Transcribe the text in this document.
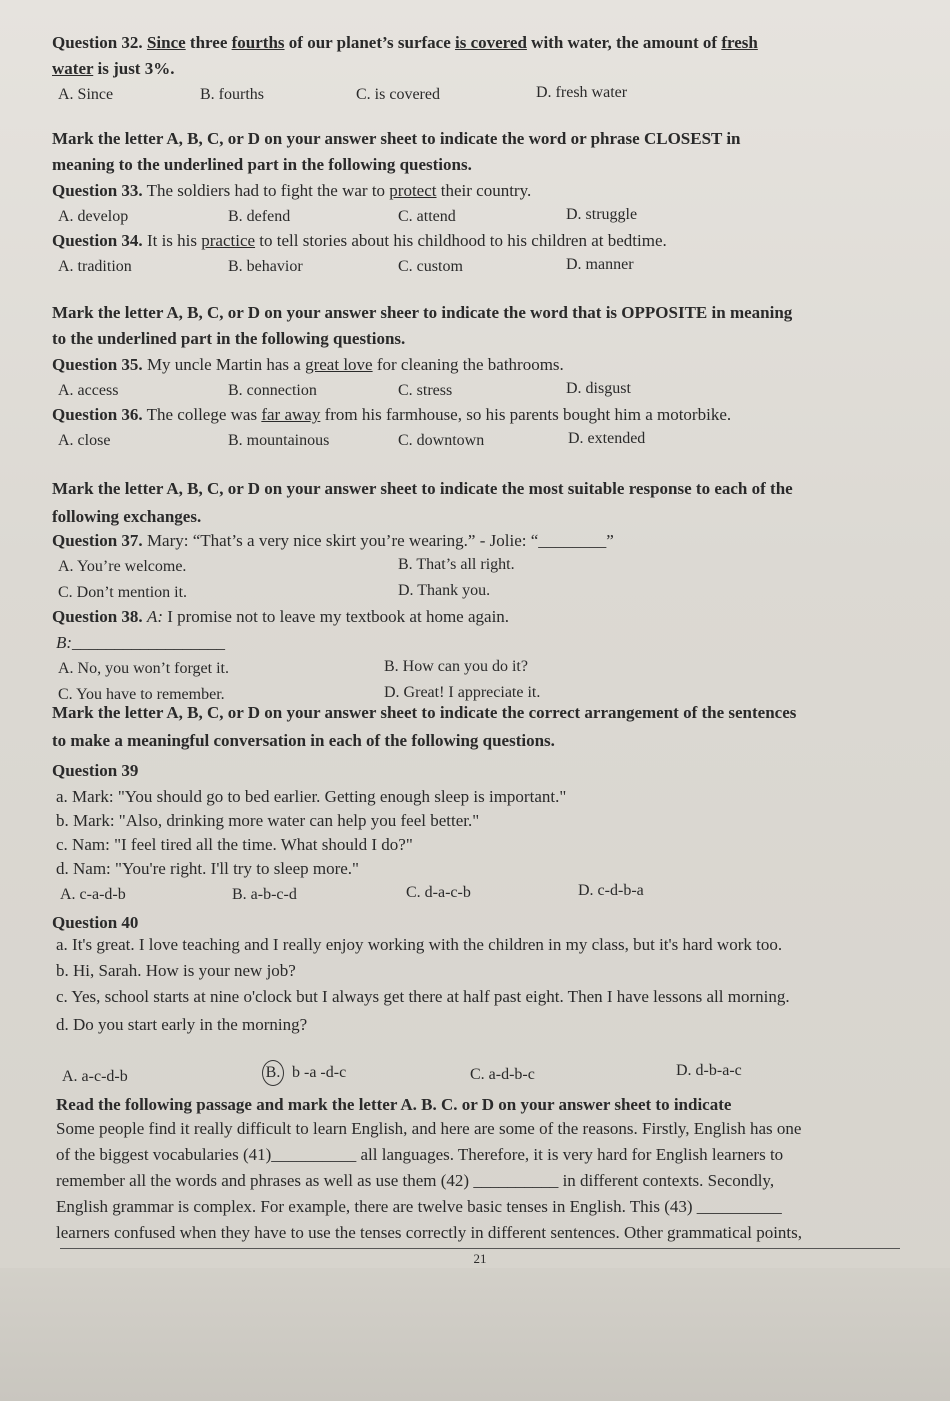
Question 32. Since three fourths of our planet’s surface is covered with water, the amount of fresh
water is just 3%.
A. Since	B. fourths	C. is covered	D. fresh water
Mark the letter A, B, C, or D on your answer sheet to indicate the word or phrase CLOSEST in
meaning to the underlined part in the following questions.
Question 33. The soldiers had to fight the war to protect their country.
A. develop	B. defend	C. attend	D. struggle
Question 34. It is his practice to tell stories about his childhood to his children at bedtime.
A. tradition	B. behavior	C. custom	D. manner
Mark the letter A, B, C, or D on your answer sheer to indicate the word that is OPPOSITE in meaning
to the underlined part in the following questions.
Question 35. My uncle Martin has a great love for cleaning the bathrooms.
A. access	B. connection	C. stress	D. disgust
Question 36. The college was far away from his farmhouse, so his parents bought him a motorbike.
A. close	B. mountainous	C. downtown	D. extended
Mark the letter A, B, C, or D on your answer sheet to indicate the most suitable response to each of the
following exchanges.
Question 37. Mary: “That’s a very nice skirt you’re wearing.” - Jolie: “________”
A. You’re welcome.	B. That’s all right.
C. Don’t mention it.	D. Thank you.
Question 38. A: I promise not to leave my textbook at home again.
B:__________________
A. No, you won’t forget it.	B. How can you do it?
C. You have to remember.	D. Great! I appreciate it.
Mark the letter A, B, C, or D on your answer sheet to indicate the correct arrangement of the sentences
to make a meaningful conversation in each of the following questions.
Question 39
a. Mark: "You should go to bed earlier. Getting enough sleep is important."
b. Mark: "Also, drinking more water can help you feel better."
c. Nam: "I feel tired all the time. What should I do?"
d. Nam: "You're right. I'll try to sleep more."
A. c-a-d-b	B. a-b-c-d	C. d-a-c-b	D. c-d-b-a
Question 40
a. It's great. I love teaching and I really enjoy working with the children in my class, but it's hard work too.
b. Hi, Sarah. How is your new job?
c. Yes, school starts at nine o'clock but I always get there at half past eight. Then I have lessons all morning.
d. Do you start early in the morning?
A. a-c-d-b	B. b -a -d-c	C. a-d-b-c	D. d-b-a-c
Read the following passage and mark the letter A. B. C. or D on your answer sheet to indicate
Some people find it really difficult to learn English, and here are some of the reasons. Firstly, English has one
of the biggest vocabularies (41)__________ all languages. Therefore, it is very hard for English learners to
remember all the words and phrases as well as use them (42) __________ in different contexts. Secondly,
English grammar is complex. For example, there are twelve basic tenses in English. This (43) __________
learners confused when they have to use the tenses correctly in different sentences. Other grammatical points,
21
